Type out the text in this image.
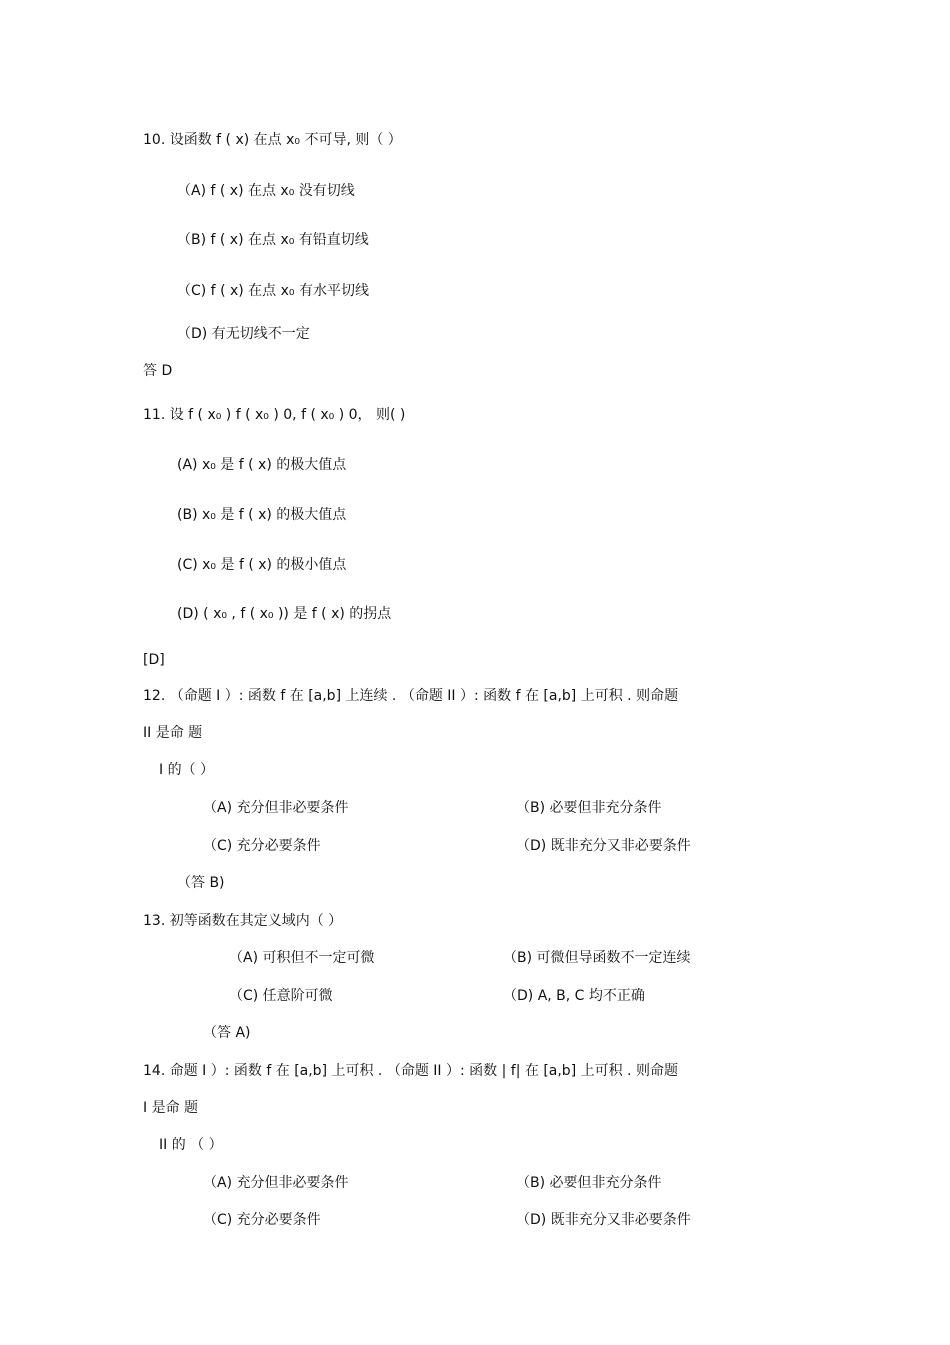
10. 设函数 f ( x) 在点 x₀ 不可导, 则（ ）
（A) f ( x) 在点 x₀ 没有切线
（B) f ( x) 在点 x₀ 有铅直切线
（C) f ( x) 在点 x₀ 有水平切线
（D) 有无切线不一定
答 D
11. 设 f ( x₀ ) f ( x₀ ) 0, f ( x₀ ) 0， 则( )
(A) x₀ 是 f ( x) 的极大值点
(B) x₀ 是 f ( x) 的极大值点
(C) x₀ 是 f ( x) 的极小值点
(D) ( x₀ , f ( x₀ )) 是 f ( x) 的拐点
[D]
12. （命题 I ）: 函数 f 在 [a,b] 上连续 . （命题 II ）: 函数 f 在 [a,b] 上可积 . 则命题
II 是命 题
I 的（ ）
（A) 充分但非必要条件	（B) 必要但非充分条件
（C) 充分必要条件	（D) 既非充分又非必要条件
（答 B)
13. 初等函数在其定义域内（ ）
（A) 可积但不一定可微	（B) 可微但导函数不一定连续
（C) 任意阶可微	（D) A, B, C 均不正确
（答 A)
14. 命题 I ）: 函数 f 在 [a,b] 上可积 . （命题 II ）: 函数 | f| 在 [a,b] 上可积 . 则命题
I 是命 题
II 的 （ ）
（A) 充分但非必要条件	（B) 必要但非充分条件
（C) 充分必要条件	（D) 既非充分又非必要条件
